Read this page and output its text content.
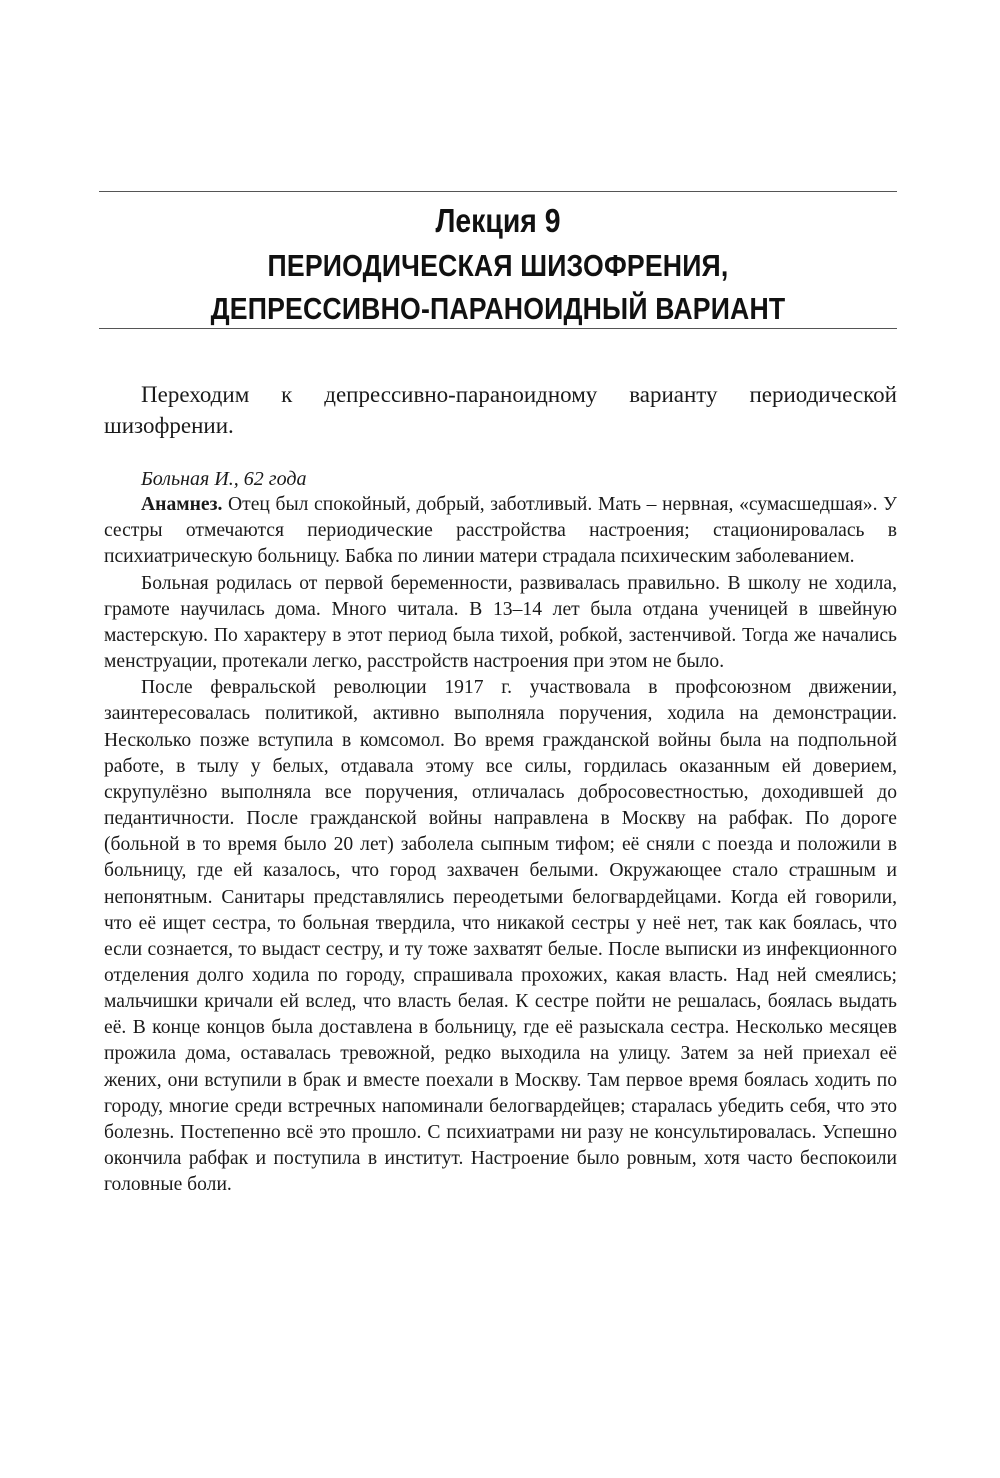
Лекция 9
ПЕРИОДИЧЕСКАЯ ШИЗОФРЕНИЯ,
ДЕПРЕССИВНО-ПАРАНОИДНЫЙ ВАРИАНТ
Переходим к депрессивно-параноидному варианту периодической шизофрении.

Больная И., 62 года

Анамнез. Отец был спокойный, добрый, заботливый. Мать – нервная, «сумасшедшая». У сестры отмечаются периодические расстройства настроения; стационировалась в психиатрическую больницу. Бабка по линии матери страдала психическим заболеванием.

Больная родилась от первой беременности, развивалась правильно. В школу не ходила, грамоте научилась дома. Много читала. В 13–14 лет была отдана ученицей в швейную мастерскую. По характеру в этот период была тихой, робкой, застенчивой. Тогда же начались менструации, протекали легко, расстройств настроения при этом не было.

После февральской революции 1917 г. участвовала в профсоюзном движении, заинтересовалась политикой, активно выполняла поручения, ходила на демонстрации. Несколько позже вступила в комсомол. Во время гражданской войны была на подпольной работе, в тылу у белых, отдавала этому все силы, гордилась оказанным ей доверием, скрупулёзно выполняла все поручения, отличалась добросовестностью, доходившей до педантичности. После гражданской войны направлена в Москву на рабфак. По дороге (больной в то время было 20 лет) заболела сыпным тифом; её сняли с поезда и положили в больницу, где ей казалось, что город захвачен белыми. Окружающее стало страшным и непонятным. Санитары представлялись переодетыми белогвардейцами. Когда ей говорили, что её ищет сестра, то больная твердила, что никакой сестры у неё нет, так как боялась, что если сознается, то выдаст сестру, и ту тоже захватят белые. После выписки из инфекционного отделения долго ходила по городу, спрашивала прохожих, какая власть. Над ней смеялись; мальчишки кричали ей вслед, что власть белая. К сестре пойти не решалась, боялась выдать её. В конце концов была доставлена в больницу, где её разыскала сестра. Несколько месяцев прожила дома, оставалась тревожной, редко выходила на улицу. Затем за ней приехал её жених, они вступили в брак и вместе поехали в Москву. Там первое время боялась ходить по городу, многие среди встречных напоминали белогвардейцев; старалась убедить себя, что это болезнь. Постепенно всё это прошло. С психиатрами ни разу не консультировалась. Успешно окончила рабфак и поступила в институт. Настроение было ровным, хотя часто беспокоили головные боли.
